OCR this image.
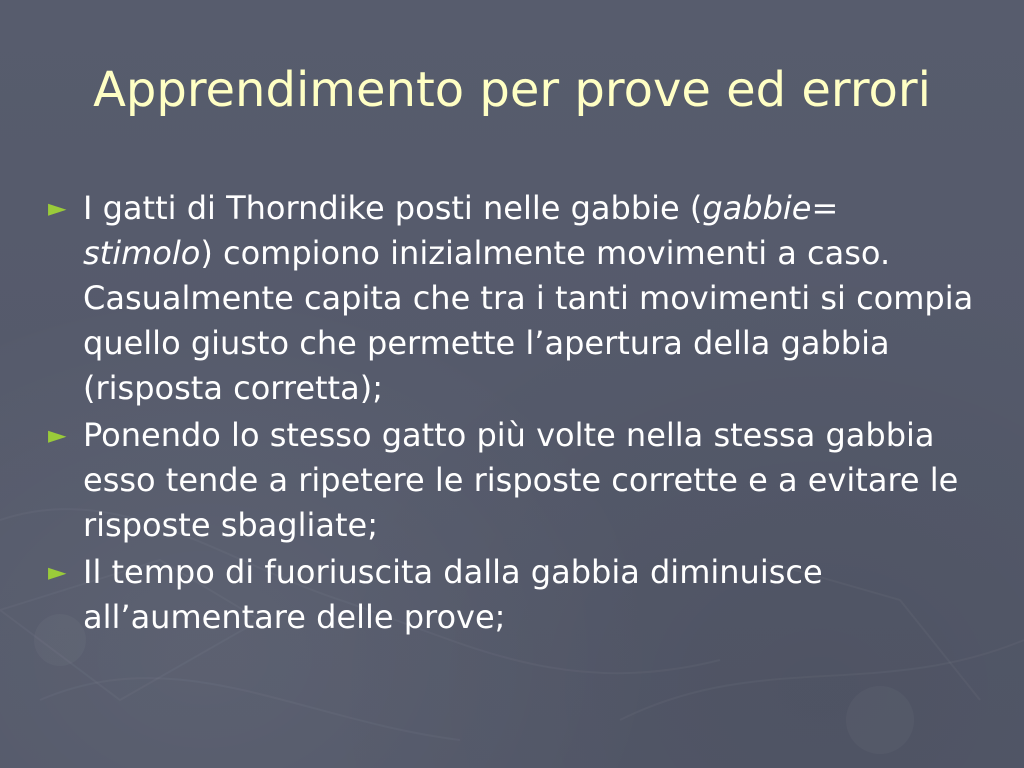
Apprendimento per prove ed errori
► I gatti di Thorndike posti nelle gabbie (gabbie= stimolo) compiono inizialmente movimenti a caso. Casualmente capita che tra i tanti movimenti si compia quello giusto che permette l’apertura della gabbia (risposta corretta);
► Ponendo lo stesso gatto più volte nella stessa gabbia esso tende a ripetere le risposte corrette e a evitare le risposte sbagliate;
► Il tempo di fuoriuscita dalla gabbia diminuisce all’aumentare delle prove;
